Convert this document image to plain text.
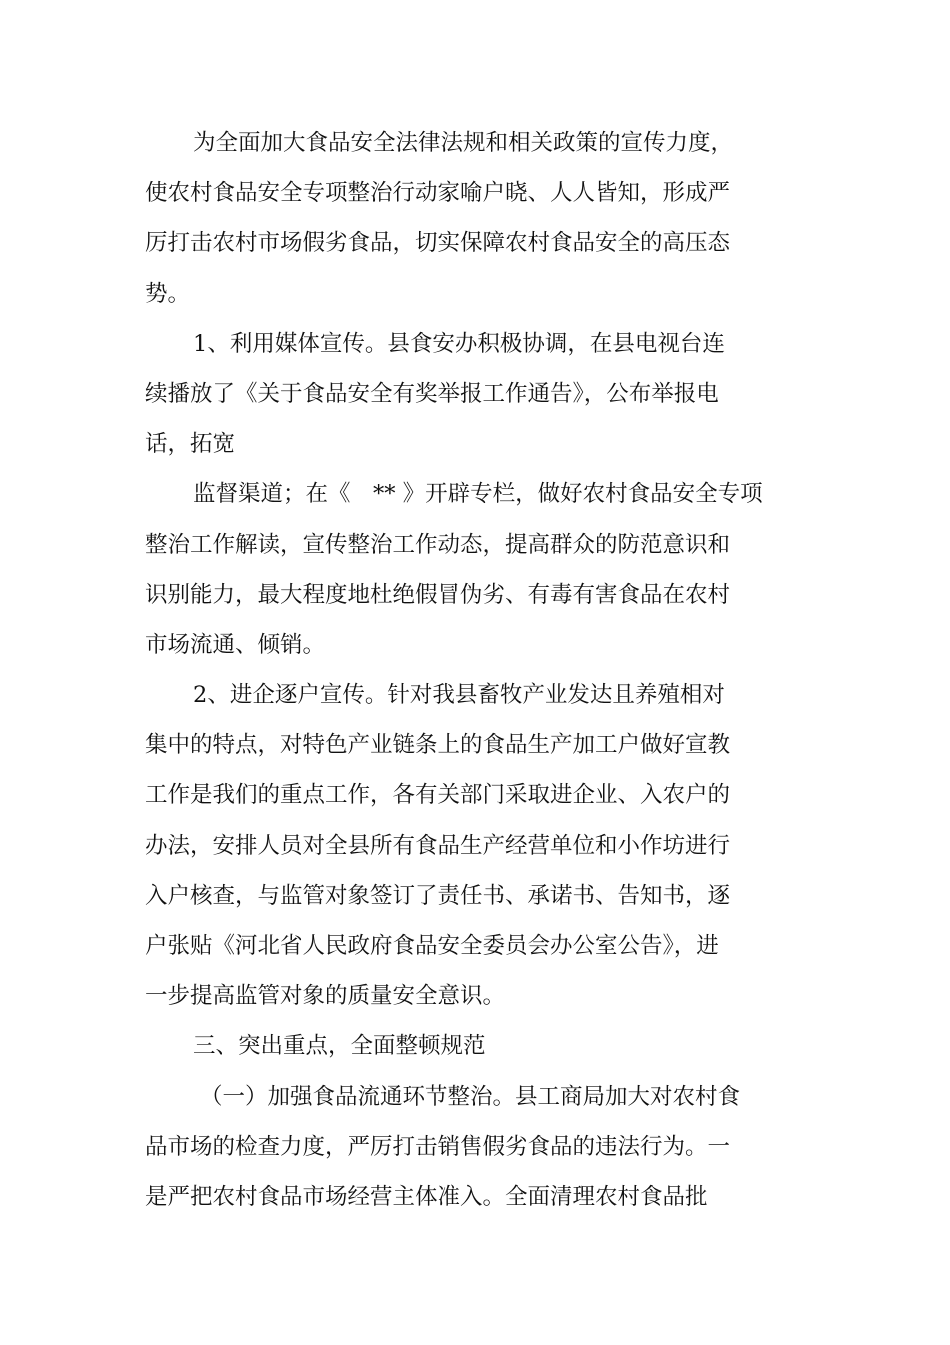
为全面加大食品安全法律法规和相关政策的宣传力度，
使农村食品安全专项整治行动家喻户晓、人人皆知，形成严
厉打击农村市场假劣食品，切实保障农村食品安全的高压态
势。
1、利用媒体宣传。县食安办积极协调，在县电视台连
续播放了《关于食品安全有奖举报工作通告》，公布举报电
话，拓宽
监督渠道；在《　** 》开辟专栏，做好农村食品安全专项
整治工作解读，宣传整治工作动态，提高群众的防范意识和
识别能力，最大程度地杜绝假冒伪劣、有毒有害食品在农村
市场流通、倾销。
2、进企逐户宣传。针对我县畜牧产业发达且养殖相对
集中的特点，对特色产业链条上的食品生产加工户做好宣教
工作是我们的重点工作，各有关部门采取进企业、入农户的
办法，安排人员对全县所有食品生产经营单位和小作坊进行
入户核查，与监管对象签订了责任书、承诺书、告知书，逐
户张贴《河北省人民政府食品安全委员会办公室公告》，进
一步提高监管对象的质量安全意识。
三、突出重点，全面整顿规范
（一）加强食品流通环节整治。县工商局加大对农村食
品市场的检查力度，严厉打击销售假劣食品的违法行为。一
是严把农村食品市场经营主体准入。全面清理农村食品批
